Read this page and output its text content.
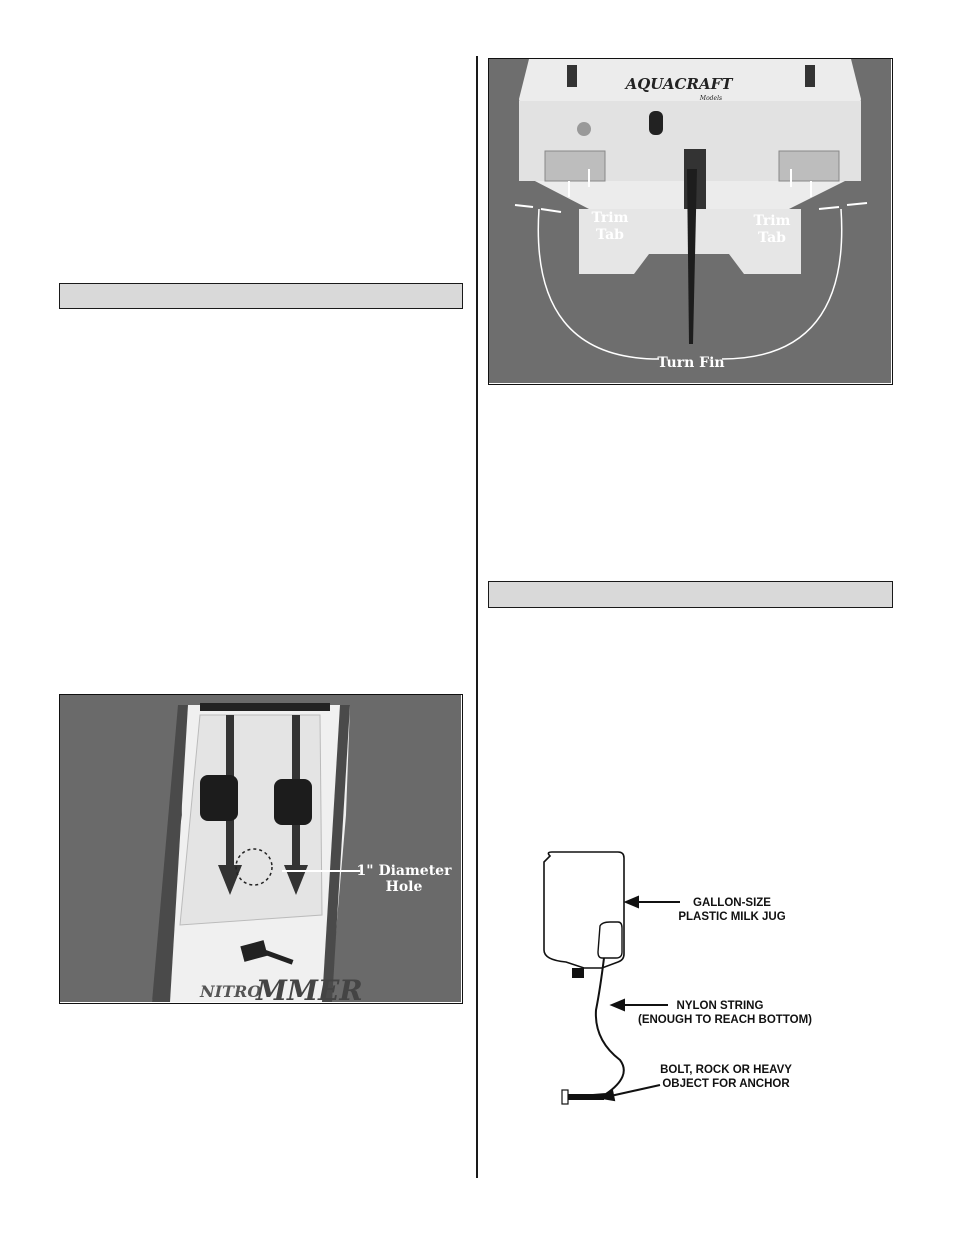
AQUACRAFT
Models
Trim
Tab
Trim
Tab
Turn Fin
NITRO
MMER
1" Diameter
Hole
GALLON-SIZE
PLASTIC MILK JUG
NYLON STRING
(ENOUGH TO REACH BOTTOM)
BOLT, ROCK OR HEAVY
OBJECT FOR ANCHOR
